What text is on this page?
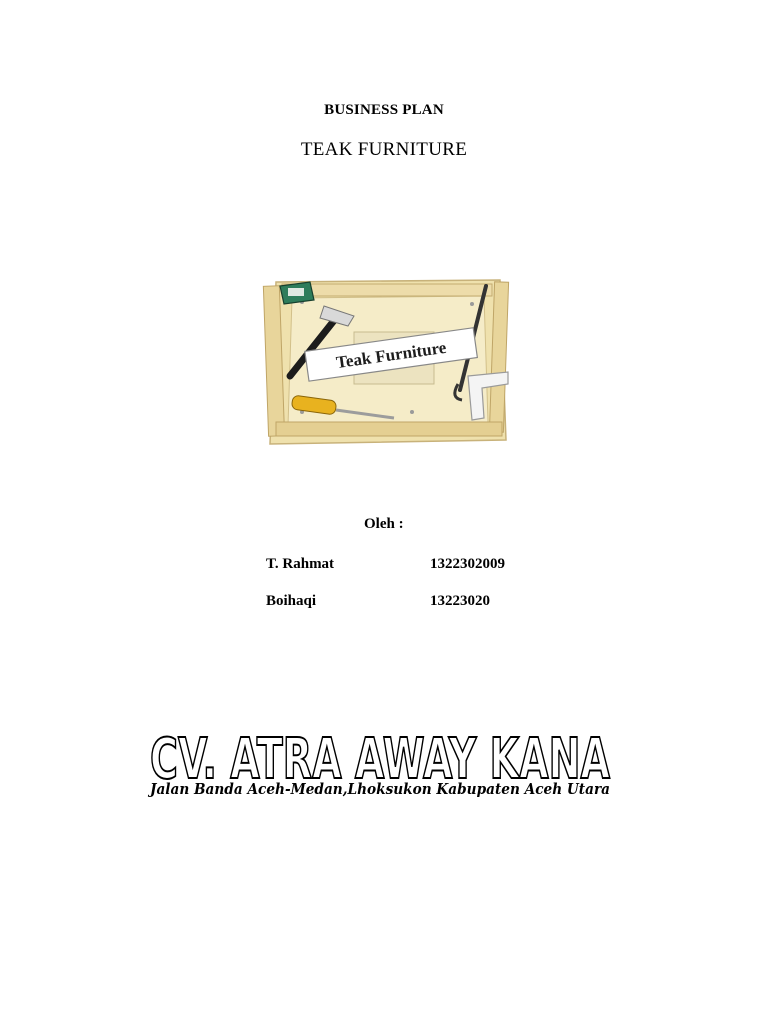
BUSINESS PLAN
TEAK FURNITURE
Teak Furniture
Oleh :
T. Rahmat	1322302009
Boihaqi	13223020
CV. ATRA AWAY KANA
Jalan Banda Aceh-Medan,Lhoksukon Kabupaten Aceh Utara
